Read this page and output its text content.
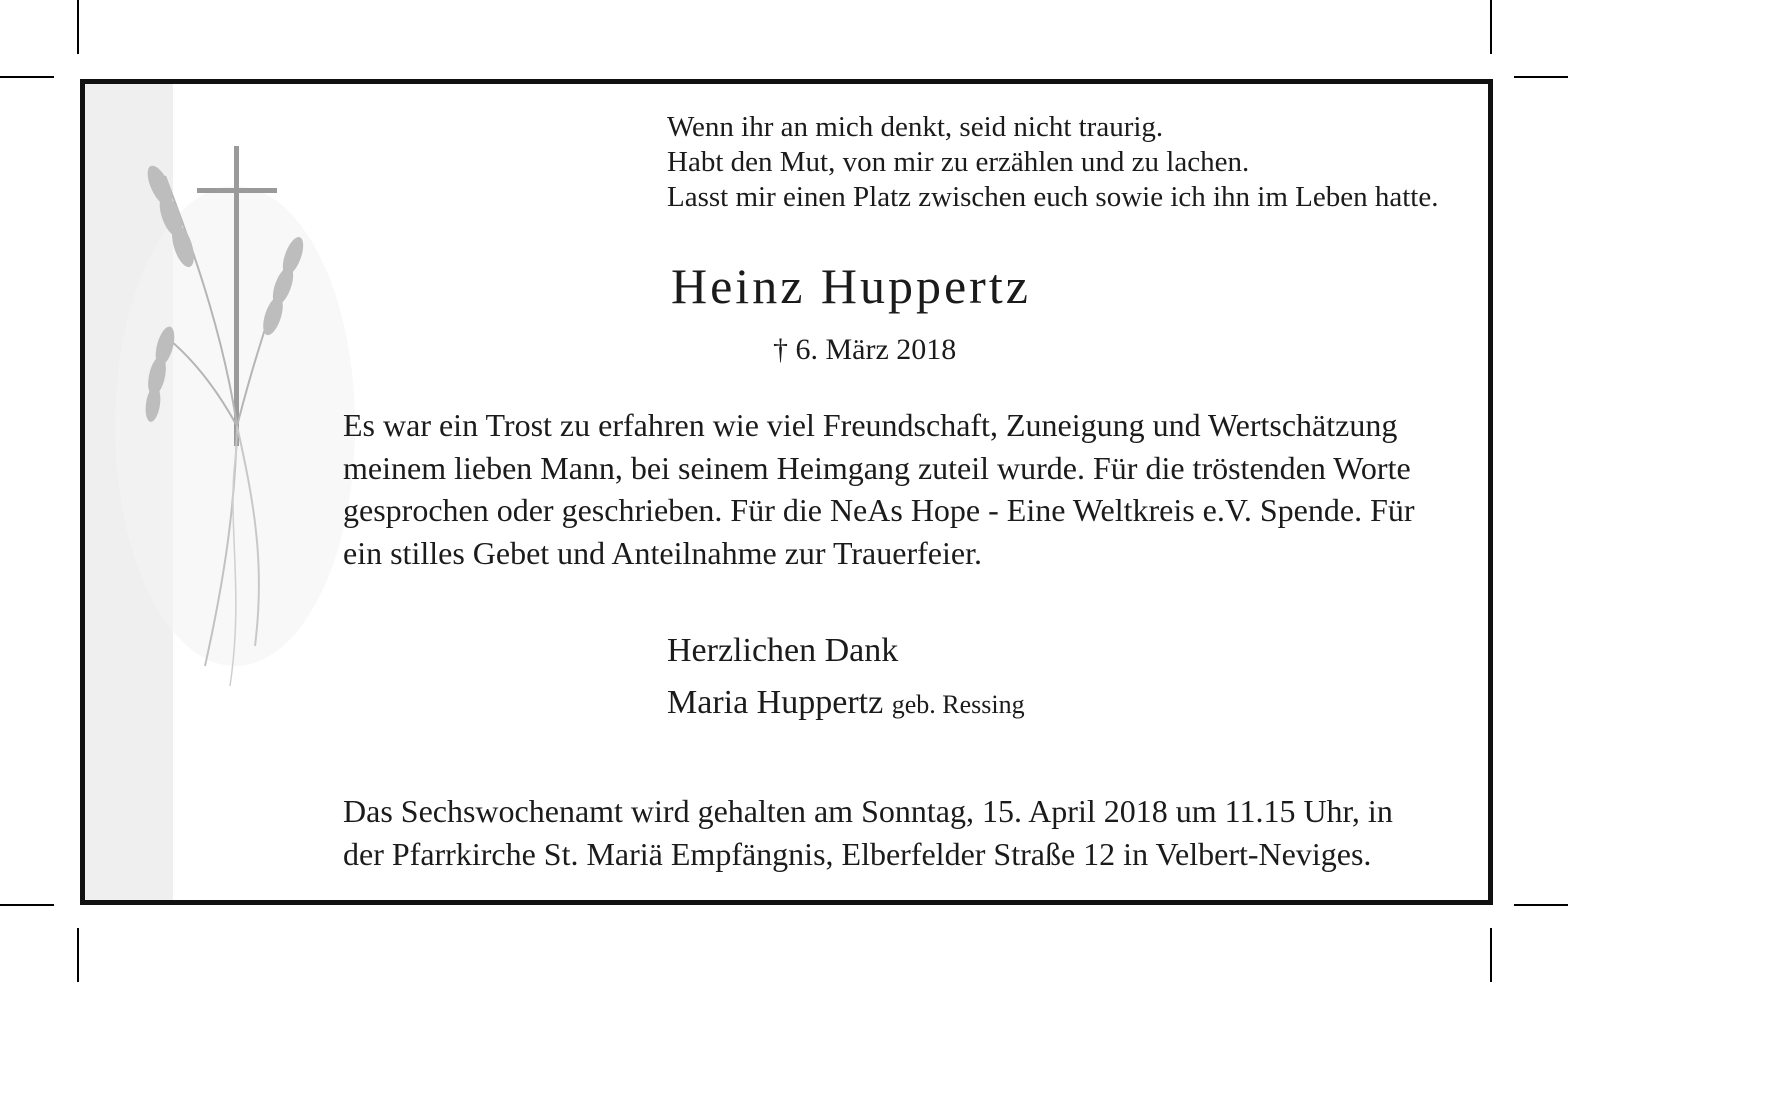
Wenn ihr an mich denkt, seid nicht traurig.
Habt den Mut, von mir zu erzählen und zu lachen.
Lasst mir einen Platz zwischen euch sowie ich ihn im Leben hatte.
Heinz Huppertz
† 6. März 2018
Es war ein Trost zu erfahren wie viel Freundschaft, Zuneigung und Wertschätzung
meinem lieben Mann, bei seinem Heimgang zuteil wurde. Für die tröstenden Worte
gesprochen oder geschrieben. Für die NeAs Hope - Eine Weltkreis e.V. Spende. Für
ein stilles Gebet und Anteilnahme zur Trauerfeier.
Herzlichen Dank
Maria Huppertz geb. Ressing
Das Sechswochenamt wird gehalten am Sonntag, 15. April 2018 um 11.15 Uhr, in
der Pfarrkirche St. Mariä Empfängnis, Elberfelder Straße 12 in Velbert-Neviges.
